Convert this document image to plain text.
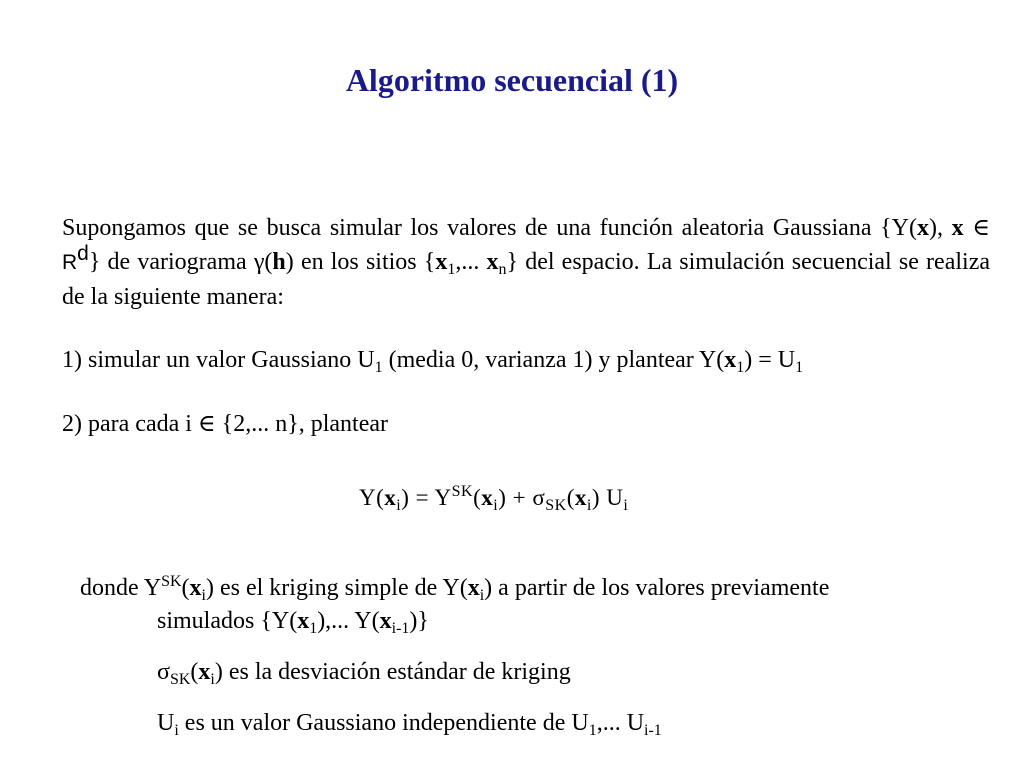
Algoritmo secuencial (1)
Supongamos que se busca simular los valores de una función aleatoria Gaussiana {Y(x), x ∈ $R^d$} de variograma γ(h) en los sitios {$x_1$,... $x_n$} del espacio. La simulación secuencial se realiza de la siguiente manera:
1) simular un valor Gaussiano $U_1$ (media 0, varianza 1) y plantear $Y(x_1) = U_1$
2) para cada i ∈ {2,... n}, plantear
$Y(x_i) = Y^{SK}(x_i) + \sigma_{SK}(x_i)$ $U_i$
donde $Y^{SK}(x_i)$ es el kriging simple de $Y(x_i)$ a partir de los valores previamente
simulados {$Y(x_1)$,... $Y(x_{i-1})$}
$\sigma_{SK}(x_i)$ es la desviación estándar de kriging
$U_i$ es un valor Gaussiano independiente de $U_1$,... $U_{i-1}$
